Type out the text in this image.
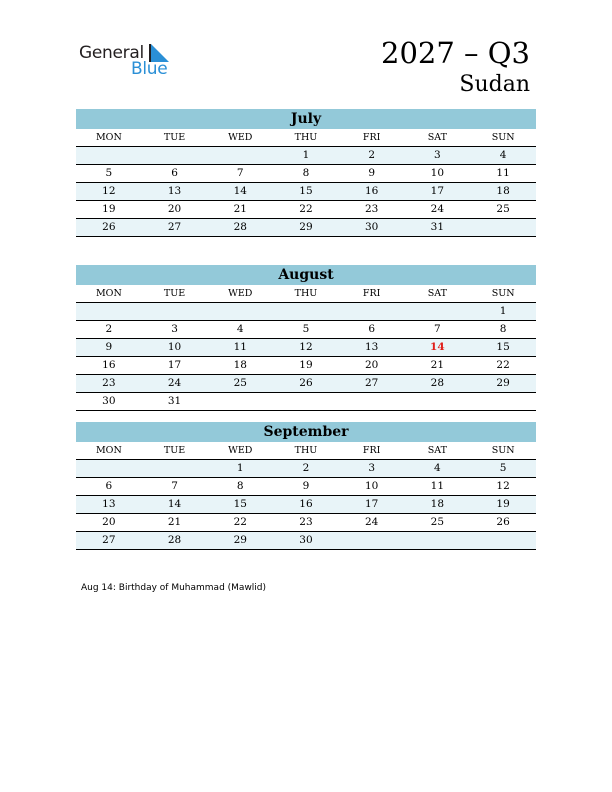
General
Blue	2027 – Q3
Sudan
July
MON	TUE	WED	THU	FRI	SAT	SUN
			1	2	3	4
5	6	7	8	9	10	11
12	13	14	15	16	17	18
19	20	21	22	23	24	25
26	27	28	29	30	31	
August
MON	TUE	WED	THU	FRI	SAT	SUN
						1
2	3	4	5	6	7	8
9	10	11	12	13	14	15
16	17	18	19	20	21	22
23	24	25	26	27	28	29
30	31					
September
MON	TUE	WED	THU	FRI	SAT	SUN
		1	2	3	4	5
6	7	8	9	10	11	12
13	14	15	16	17	18	19
20	21	22	23	24	25	26
27	28	29	30			
Aug 14: Birthday of Muhammad (Mawlid)
